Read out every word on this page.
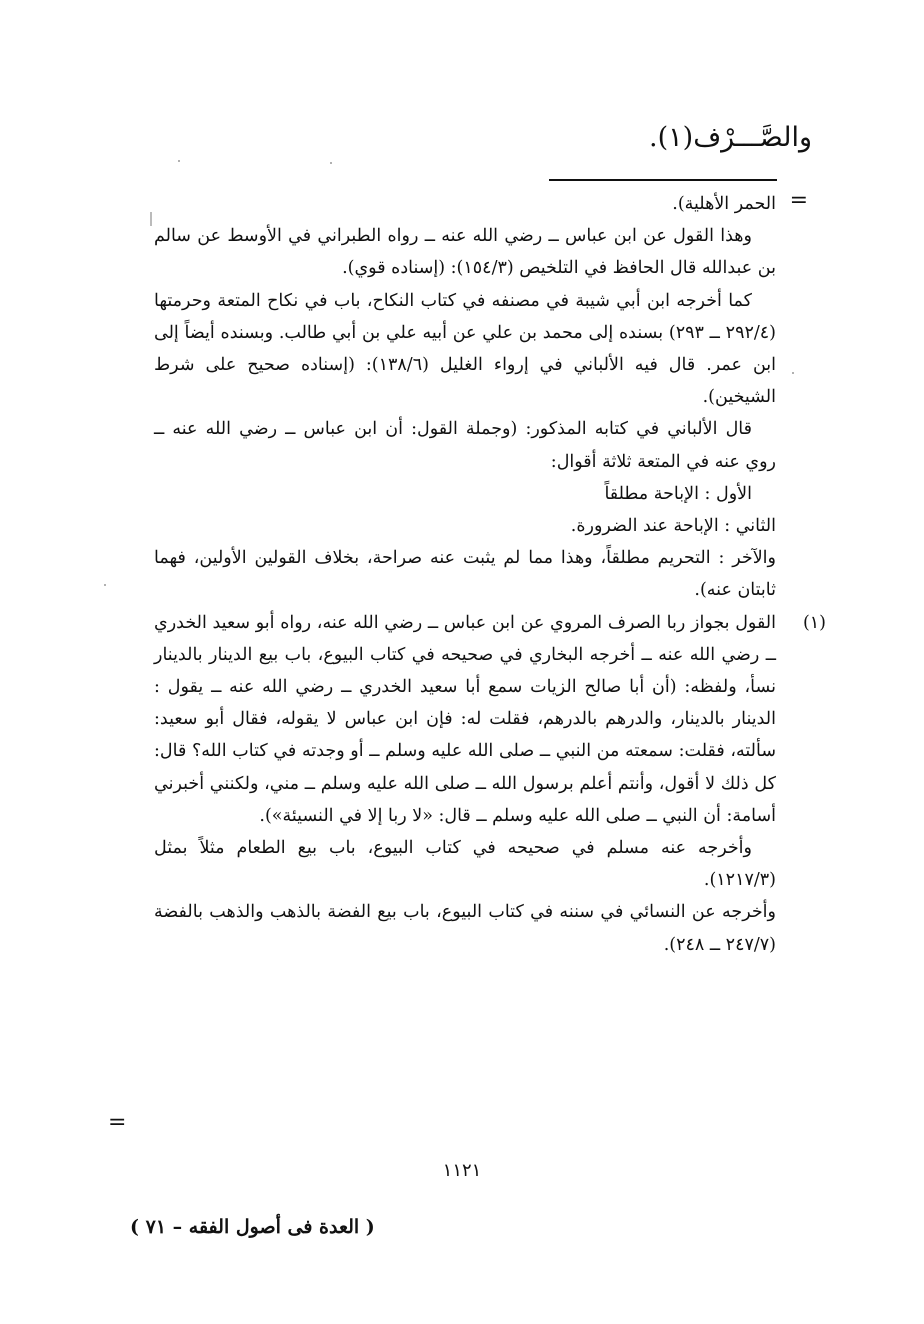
والصَّـــرْف(١).
=

الحمر الأهلية).

وهذا القول عن ابن عباس ــ رضي الله عنه ــ رواه الطبراني في الأوسط عن سالم بن عبدالله قال الحافظ في التلخيص (١٥٤/٣): (إسناده قوي).

كما أخرجه ابن أبي شيبة في مصنفه في كتاب النكاح، باب في نكاح المتعة وحرمتها (٢٩٢/٤ ــ ٢٩٣) بسنده إلى محمد بن علي عن أبيه علي بن أبي طالب. وبسنده أيضاً إلى ابن عمر. قال فيه الألباني في إرواء الغليل (١٣٨/٦): (إسناده صحيح على شرط الشيخين).

قال الألباني في كتابه المذكور: (وجملة القول: أن ابن عباس ــ رضي الله عنه ــ روي عنه في المتعة ثلاثة أقوال:

الأول : الإباحة مطلقاً

الثاني : الإباحة عند الضرورة.

والآخر : التحريم مطلقاً، وهذا مما لم يثبت عنه صراحة، بخلاف القولين الأولين، فهما ثابتان عنه).

(١)

القول بجواز ربا الصرف المروي عن ابن عباس ــ رضي الله عنه، رواه أبو سعيد الخدري ــ رضي الله عنه ــ أخرجه البخاري في صحيحه في كتاب البيوع، باب بيع الدينار بالدينار نسأ، ولفظه: (أن أبا صالح الزيات سمع أبا سعيد الخدري ــ رضي الله عنه ــ يقول : الدينار بالدينار، والدرهم بالدرهم، فقلت له: فإن ابن عباس لا يقوله، فقال أبو سعيد: سألته، فقلت: سمعته من النبي ــ صلى الله عليه وسلم ــ أو وجدته في كتاب الله؟ قال: كل ذلك لا أقول، وأنتم أعلم برسول الله ــ صلى الله عليه وسلم ــ مني، ولكنني أخبرني أسامة: أن النبي ــ صلى الله عليه وسلم ــ قال: «لا ربا إلا في النسيئة»).

وأخرجه عنه مسلم في صحيحه في كتاب البيوع، باب بيع الطعام مثلاً بمثل (١٢١٧/٣).

وأخرجه عن النسائي في سننه في كتاب البيوع، باب بيع الفضة بالذهب والذهب بالفضة (٢٤٧/٧ ــ ٢٤٨).

=
١١٢١
( العدة فى أصول الفقه – ٧١ )
